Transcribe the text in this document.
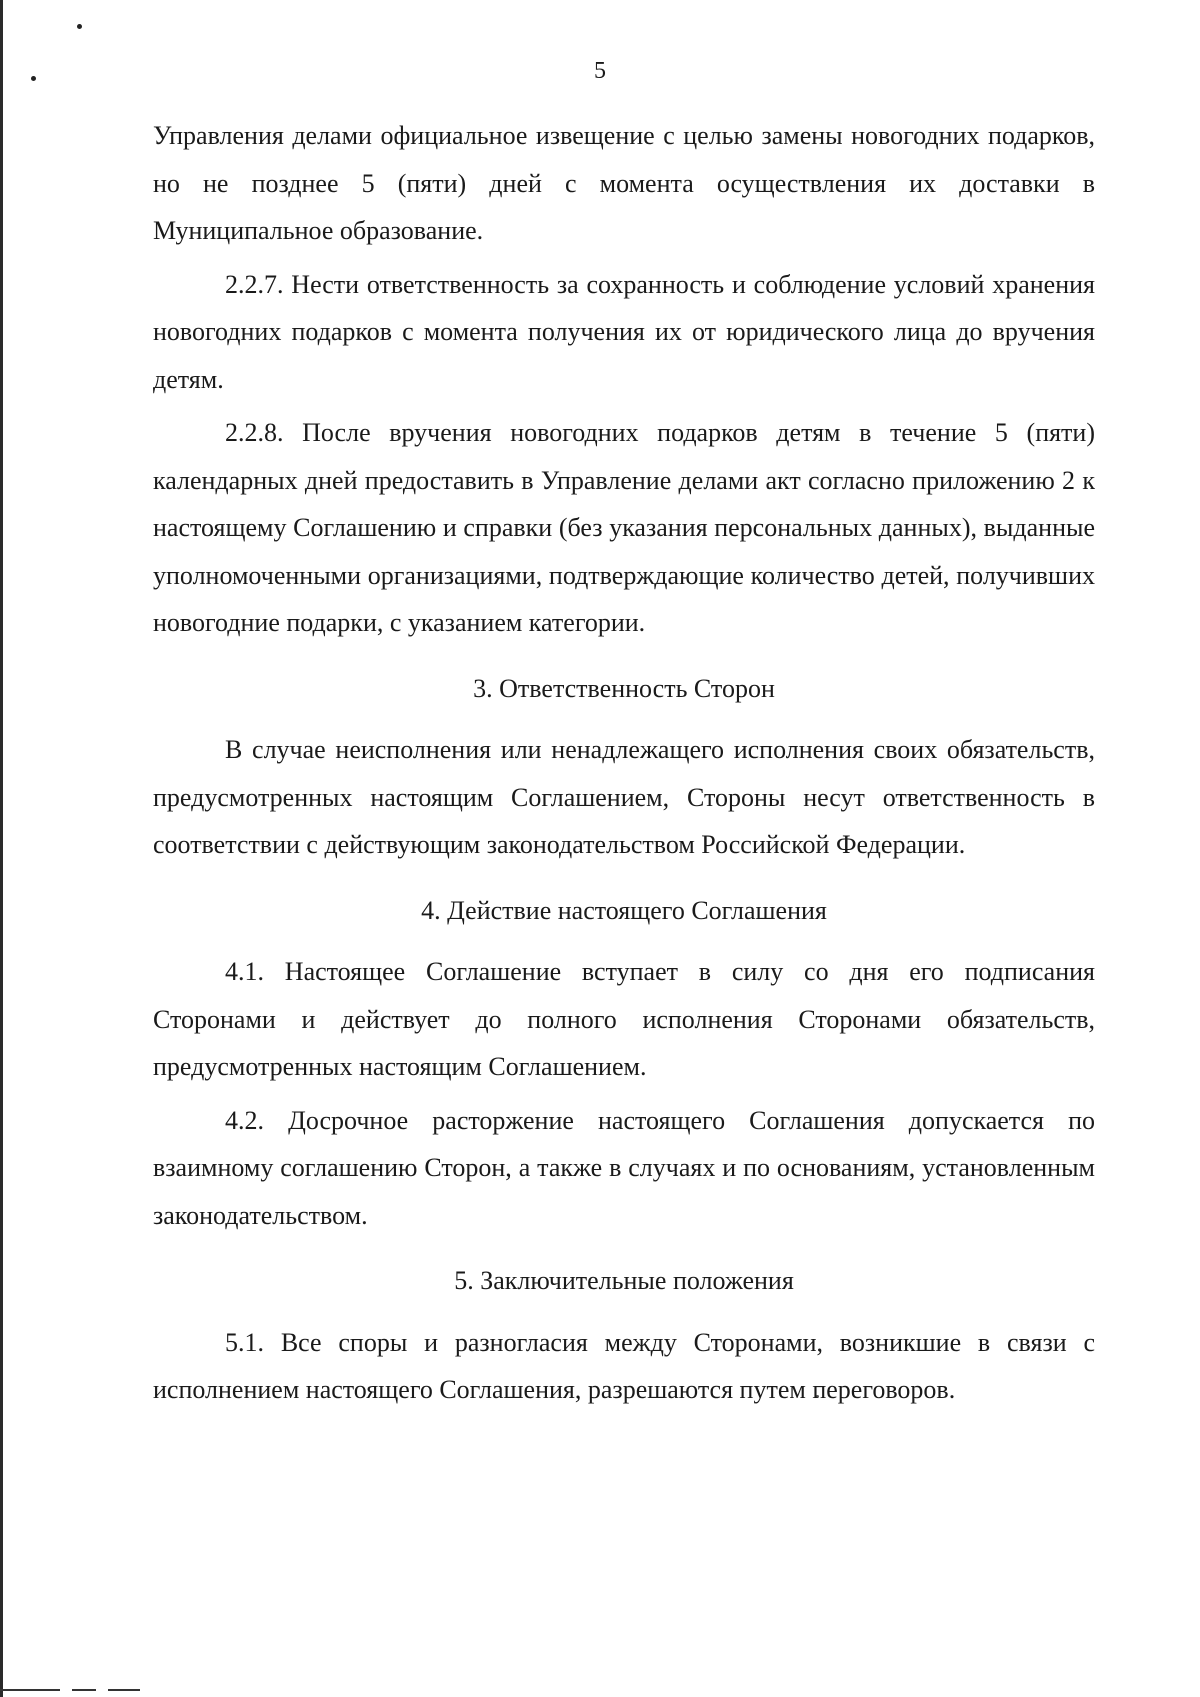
5

Управления делами официальное извещение с целью замены новогодних подарков, но не позднее 5 (пяти) дней с момента осуществления их доставки в Муниципальное образование.

2.2.7. Нести ответственность за сохранность и соблюдение условий хранения новогодних подарков с момента получения их от юридического лица до вручения детям.

2.2.8. После вручения новогодних подарков детям в течение 5 (пяти) календарных дней предоставить в Управление делами акт согласно приложению 2 к настоящему Соглашению и справки (без указания персональных данных), выданные уполномоченными организациями, подтверждающие количество детей, получивших новогодние подарки, с указанием категории.

3. Ответственность Сторон

В случае неисполнения или ненадлежащего исполнения своих обязательств, предусмотренных настоящим Соглашением, Стороны несут ответственность в соответствии с действующим законодательством Российской Федерации.

4. Действие настоящего Соглашения

4.1. Настоящее Соглашение вступает в силу со дня его подписания Сторонами и действует до полного исполнения Сторонами обязательств, предусмотренных настоящим Соглашением.

4.2. Досрочное расторжение настоящего Соглашения допускается по взаимному соглашению Сторон, а также в случаях и по основаниям, установленным законодательством.

5. Заключительные положения

5.1. Все споры и разногласия между Сторонами, возникшие в связи с исполнением настоящего Соглашения, разрешаются путем переговоров.
